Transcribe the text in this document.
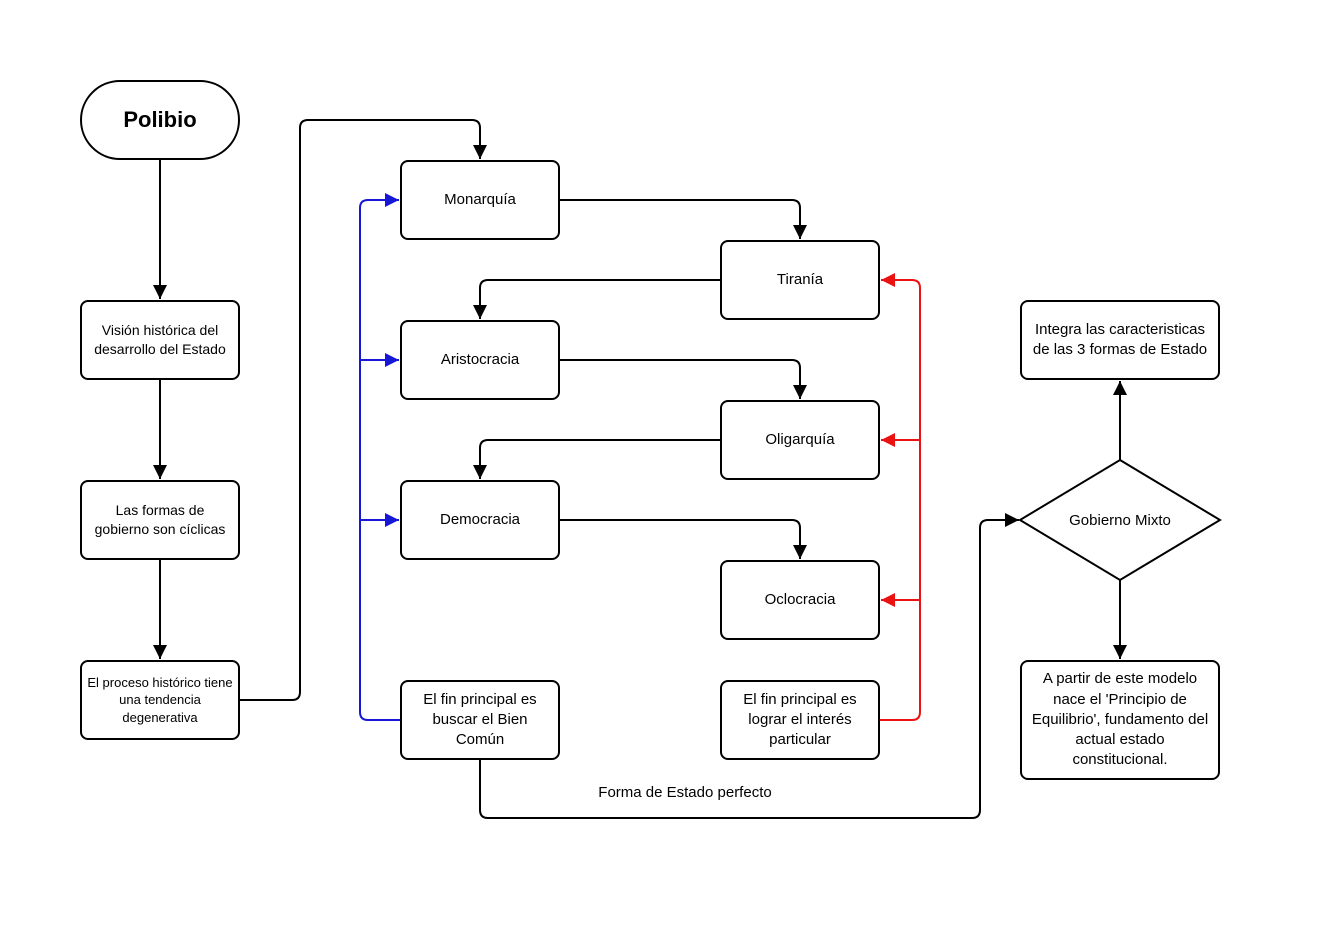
Polibio
Visión histórica del desarrollo del Estado
Las formas de gobierno son cíclicas
El proceso histórico tiene una tendencia degenerativa
Monarquía
Aristocracia
Democracia
El fin principal es buscar el Bien Común
Tiranía
Oligarquía
Oclocracia
El fin principal es lograr el interés particular
Integra las caracteristicas de las 3 formas de Estado
Gobierno Mixto
A partir de este modelo nace el 'Principio de Equilibrio', fundamento del actual estado constitucional.
Forma de Estado perfecto
